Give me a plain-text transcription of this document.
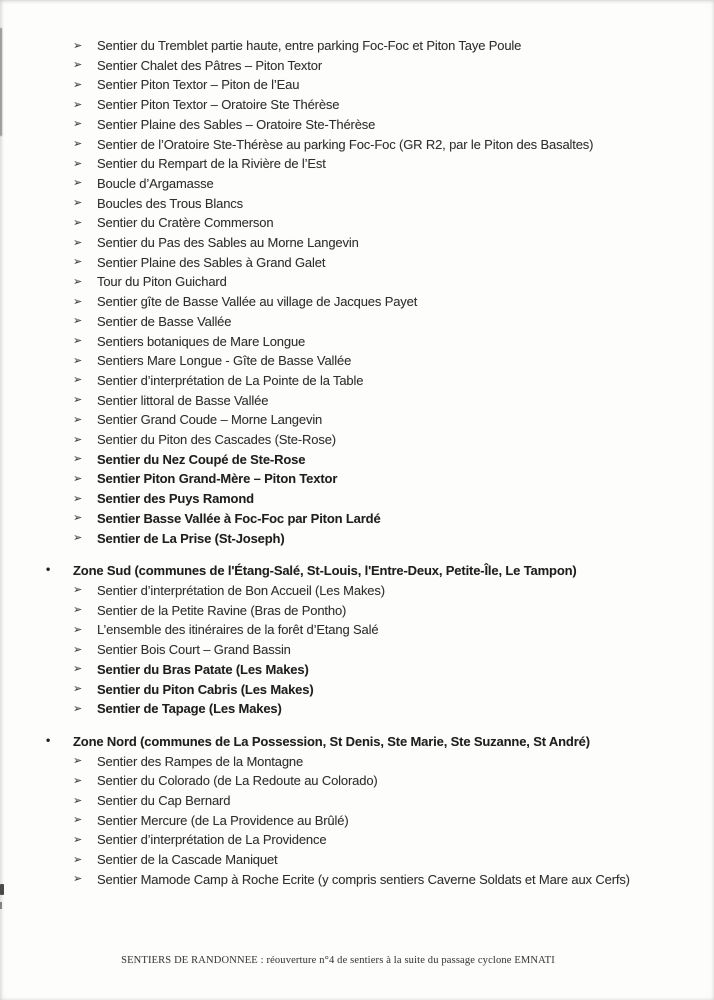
➢ Sentier du Tremblet partie haute, entre parking Foc-Foc et Piton Taye Poule
➢ Sentier Chalet des Pâtres – Piton Textor
➢ Sentier Piton Textor – Piton de l’Eau
➢ Sentier Piton Textor – Oratoire Ste Thérèse
➢ Sentier Plaine des Sables – Oratoire Ste-Thérèse
➢ Sentier de l’Oratoire Ste-Thérèse au parking Foc-Foc (GR R2, par le Piton des Basaltes)
➢ Sentier du Rempart de la Rivière de l’Est
➢ Boucle d’Argamasse
➢ Boucles des Trous Blancs
➢ Sentier du Cratère Commerson
➢ Sentier du Pas des Sables au Morne Langevin
➢ Sentier Plaine des Sables à Grand Galet
➢ Tour du Piton Guichard
➢ Sentier gîte de Basse Vallée au village de Jacques Payet
➢ Sentier de Basse Vallée
➢ Sentiers botaniques de Mare Longue
➢ Sentiers Mare Longue - Gîte de Basse Vallée
➢ Sentier d’interprétation de La Pointe de la Table
➢ Sentier littoral de Basse Vallée
➢ Sentier Grand Coude – Morne Langevin
➢ Sentier du Piton des Cascades (Ste-Rose)
➢ Sentier du Nez Coupé de Ste-Rose
➢ Sentier Piton Grand-Mère – Piton Textor
➢ Sentier des Puys Ramond
➢ Sentier Basse Vallée à Foc-Foc par Piton Lardé
➢ Sentier de La Prise (St-Joseph)
• Zone Sud (communes de l'Étang-Salé, St-Louis, l'Entre-Deux, Petite-Île, Le Tampon)
➢ Sentier d’interprétation de Bon Accueil (Les Makes)
➢ Sentier de la Petite Ravine (Bras de Pontho)
➢ L’ensemble des itinéraires de la forêt d’Etang Salé
➢ Sentier Bois Court – Grand Bassin
➢ Sentier du Bras Patate (Les Makes)
➢ Sentier du Piton Cabris (Les Makes)
➢ Sentier de Tapage (Les Makes)
• Zone Nord (communes de La Possession, St Denis, Ste Marie, Ste Suzanne, St André)
➢ Sentier des Rampes de la Montagne
➢ Sentier du Colorado (de La Redoute au Colorado)
➢ Sentier du Cap Bernard
➢ Sentier Mercure (de La Providence au Brûlé)
➢ Sentier d’interprétation de La Providence
➢ Sentier de la Cascade Maniquet
➢ Sentier Mamode Camp à Roche Ecrite (y compris sentiers Caverne Soldats et Mare aux Cerfs)
SENTIERS DE RANDONNEE : réouverture n°4 de sentiers à la suite du passage cyclone EMNATI
